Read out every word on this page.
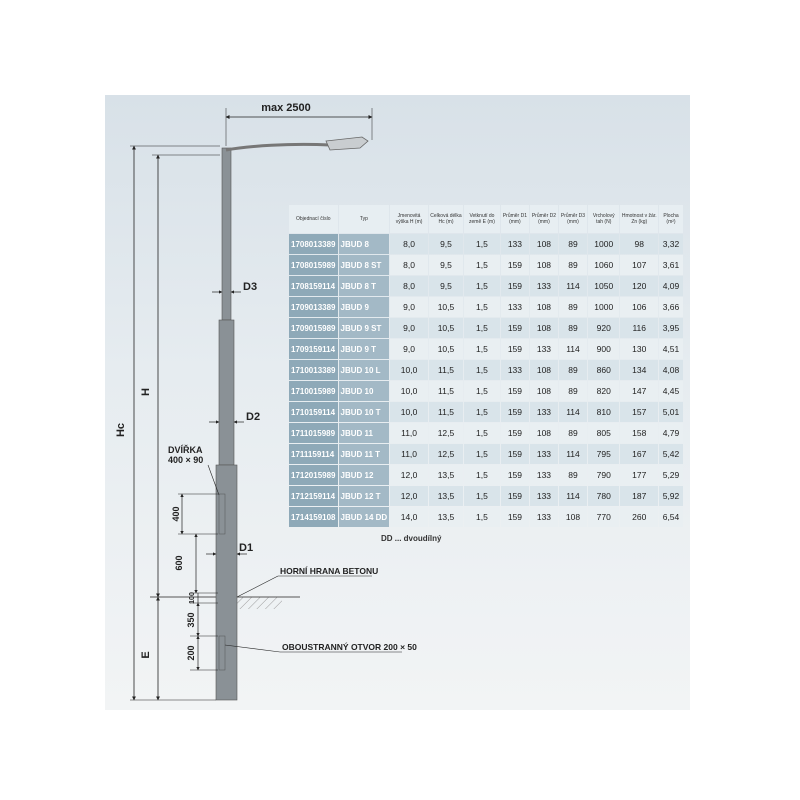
max 2500
Hc
H
E
D3
D2
D1
DVÍŘKA
400 × 90
400
600
100
350
200
HORNÍ HRANA BETONU
OBOUSTRANNÝ OTVOR 200 × 50
Objednací číslo	Typ	Jmenovitá výška H (m)	Celková délka Hc (m)	Vetknutí do země E (m)	Průměr D1 (mm)	Průměr D2 (mm)	Průměr D3 (mm)	Vrcholový tah (N)	Hmotnost v žár. Zn (kg)	Plocha (m²)
1708013389	JBUD 8	8,0	9,5	1,5	133	108	89	1000	98	3,32
1708015989	JBUD 8 ST	8,0	9,5	1,5	159	108	89	1060	107	3,61
1708159114	JBUD 8 T	8,0	9,5	1,5	159	133	114	1050	120	4,09
1709013389	JBUD 9	9,0	10,5	1,5	133	108	89	1000	106	3,66
1709015989	JBUD 9 ST	9,0	10,5	1,5	159	108	89	920	116	3,95
1709159114	JBUD 9 T	9,0	10,5	1,5	159	133	114	900	130	4,51
1710013389	JBUD 10 L	10,0	11,5	1,5	133	108	89	860	134	4,08
1710015989	JBUD 10	10,0	11,5	1,5	159	108	89	820	147	4,45
1710159114	JBUD 10 T	10,0	11,5	1,5	159	133	114	810	157	5,01
1711015989	JBUD 11	11,0	12,5	1,5	159	108	89	805	158	4,79
1711159114	JBUD 11 T	11,0	12,5	1,5	159	133	114	795	167	5,42
1712015989	JBUD 12	12,0	13,5	1,5	159	133	89	790	177	5,29
1712159114	JBUD 12 T	12,0	13,5	1,5	159	133	114	780	187	5,92
1714159108	JBUD 14 DD	14,0	13,5	1,5	159	133	108	770	260	6,54
DD ... dvoudílný
